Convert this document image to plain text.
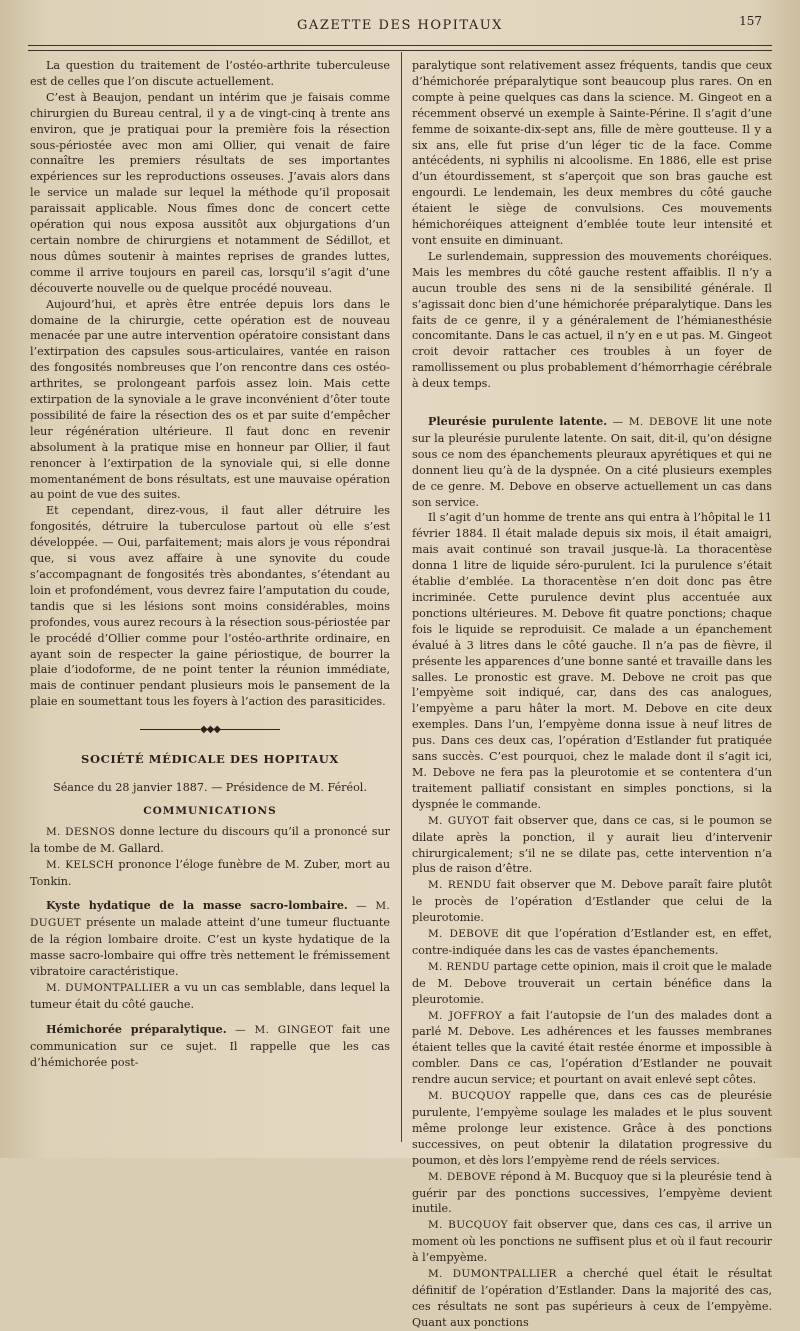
GAZETTE DES HOPITAUX	157

La question du traitement de l’ostéo-arthrite tuberculeuse est de celles que l’on discute actuellement.

C’est à Beaujon, pendant un intérim que je faisais comme chirurgien du Bureau central, il y a de vingt-cinq à trente ans environ, que je pratiquai pour la première fois la résection sous-périostée avec mon ami Ollier, qui venait de faire connaître les premiers résultats de ses importantes expériences sur les reproductions osseuses. J’avais alors dans le service un malade sur lequel la méthode qu’il proposait paraissait applicable. Nous fîmes donc de concert cette opération qui nous exposa aussitôt aux objurgations d’un certain nombre de chirurgiens et notamment de Sédillot, et nous dûmes soutenir à maintes reprises de grandes luttes, comme il arrive toujours en pareil cas, lorsqu’il s’agit d’une découverte nouvelle ou de quelque procédé nouveau.

Aujourd’hui, et après être entrée depuis lors dans le domaine de la chirurgie, cette opération est de nouveau menacée par une autre intervention opératoire consistant dans l’extirpation des capsules sous-articulaires, vantée en raison des fongosités nombreuses que l’on rencontre dans ces ostéo-arthrites, se prolongeant parfois assez loin. Mais cette extirpation de la synoviale a le grave inconvénient d’ôter toute possibilité de faire la résection des os et par suite d’empêcher leur régénération ultérieure. Il faut donc en revenir absolument à la pratique mise en honneur par Ollier, il faut renoncer à l’extirpation de la synoviale qui, si elle donne momentanément de bons résultats, est une mauvaise opération au point de vue des suites.

Et cependant, direz-vous, il faut aller détruire les fongosités, détruire la tuberculose partout où elle s’est développée. — Oui, parfaitement; mais alors je vous répondrai que, si vous avez affaire à une synovite du coude s’accompagnant de fongosités très abondantes, s’étendant au loin et profondément, vous devrez faire l’amputation du coude, tandis que si les lésions sont moins considérables, moins profondes, vous aurez recours à la résection sous-périostée par le procédé d’Ollier comme pour l’ostéo-arthrite ordinaire, en ayant soin de respecter la gaine périostique, de bourrer la plaie d’iodoforme, de ne point tenter la réunion immédiate, mais de continuer pendant plusieurs mois le pansement de la plaie en soumettant tous les foyers à l’action des parasiticides.

◆◆◆
SOCIÉTÉ MÉDICALE DES HOPITAUX

Séance du 28 janvier 1887. — Présidence de M. Féréol.

COMMUNICATIONS

M. DESNOS donne lecture du discours qu’il a prononcé sur la tombe de M. Gallard.

M. KELSCH prononce l’éloge funèbre de M. Zuber, mort au Tonkin.

Kyste hydatique de la masse sacro-lombaire. — M. DUGUET présente un malade atteint d’une tumeur fluctuante de la région lombaire droite. C’est un kyste hydatique de la masse sacro-lombaire qui offre très nettement le frémissement vibratoire caractéristique.

M. DUMONTPALLIER a vu un cas semblable, dans lequel la tumeur était du côté gauche.

Hémichorée préparalytique. — M. GINGEOT fait une communication sur ce sujet. Il rappelle que les cas d’hémichorée post-

paralytique sont relativement assez fréquents, tandis que ceux d’hémichorée préparalytique sont beaucoup plus rares. On en compte à peine quelques cas dans la science. M. Gingeot en a récemment observé un exemple à Sainte-Périne. Il s’agit d’une femme de soixante-dix-sept ans, fille de mère goutteuse. Il y a six ans, elle fut prise d’un léger tic de la face. Comme antécédents, ni syphilis ni alcoolisme. En 1886, elle est prise d’un étourdissement, st s’aperçoit que son bras gauche est engourdi. Le lendemain, les deux membres du côté gauche étaient le siège de convulsions. Ces mouvements hémichoréiques atteignent d’emblée toute leur intensité et vont ensuite en diminuant.

Le surlendemain, suppression des mouvements choréiques. Mais les membres du côté gauche restent affaiblis. Il n’y a aucun trouble des sens ni de la sensibilité générale. Il s’agissait donc bien d’une hémichorée préparalytique. Dans les faits de ce genre, il y a généralement de l’hémianesthésie concomitante. Dans le cas actuel, il n’y en e ut pas. M. Gingeot croit devoir rattacher ces troubles à un foyer de ramollissement ou plus probablement d’hémorrhagie cérébrale à deux temps.

Pleurésie purulente latente. — M. DEBOVE lit une note sur la pleurésie purulente latente. On sait, dit-il, qu’on désigne sous ce nom des épanchements pleuraux apyrétiques et qui ne donnent lieu qu’à de la dyspnée. On a cité plusieurs exemples de ce genre. M. Debove en observe actuellement un cas dans son service.

Il s’agit d’un homme de trente ans qui entra à l’hôpital le 11 février 1884. Il était malade depuis six mois, il était amaigri, mais avait continué son travail jusque-là. La thoracentèse donna 1 litre de liquide séro-purulent. Ici la purulence s’était établie d’emblée. La thoracentèse n’en doit donc pas être incriminée. Cette purulence devint plus accentuée aux ponctions ultérieures. M. Debove fit quatre ponctions; chaque fois le liquide se reproduisit. Ce malade a un épanchement évalué à 3 litres dans le côté gauche. Il n’a pas de fièvre, il présente les apparences d’une bonne santé et travaille dans les salles. Le pronostic est grave. M. Debove ne croit pas que l’empyème soit indiqué, car, dans des cas analogues, l’empyème a paru hâter la mort. M. Debove en cite deux exemples. Dans l’un, l’empyème donna issue à neuf litres de pus. Dans ces deux cas, l’opération d’Estlander fut pratiquée sans succès. C’est pourquoi, chez le malade dont il s’agit ici, M. Debove ne fera pas la pleurotomie et se contentera d’un traitement palliatif consistant en simples ponctions, si la dyspnée le commande.

M. GUYOT fait observer que, dans ce cas, si le poumon se dilate après la ponction, il y aurait lieu d’intervenir chirurgicalement; s’il ne se dilate pas, cette intervention n’a plus de raison d’être.

M. RENDU fait observer que M. Debove paraît faire plutôt le procès de l’opération d’Estlander que celui de la pleurotomie.

M. DEBOVE dit que l’opération d’Estlander est, en effet, contre-indiquée dans les cas de vastes épanchements.

M. RENDU partage cette opinion, mais il croit que le malade de M. Debove trouverait un certain bénéfice dans la pleurotomie.

M. JOFFROY a fait l’autopsie de l’un des malades dont a parlé M. Debove. Les adhérences et les fausses membranes étaient telles que la cavité était restée énorme et impossible à combler. Dans ce cas, l’opération d’Estlander ne pouvait rendre aucun service; et pourtant on avait enlevé sept côtes.

M. BUCQUOY rappelle que, dans ces cas de pleurésie purulente, l’empyème soulage les malades et le plus souvent même prolonge leur existence. Grâce à des ponctions successives, on peut obtenir la dilatation progressive du poumon, et dès lors l’empyème rend de réels services.

M. DEBOVE répond à M. Bucquoy que si la pleurésie tend à guérir par des ponctions successives, l’empyème devient inutile.

M. BUCQUOY fait observer que, dans ces cas, il arrive un moment où les ponctions ne suffisent plus et où il faut recourir à l’empyème.

M. DUMONTPALLIER a cherché quel était le résultat définitif de l’opération d’Estlander. Dans la majorité des cas, ces résultats ne sont pas supérieurs à ceux de l’empyème. Quant aux ponctions
